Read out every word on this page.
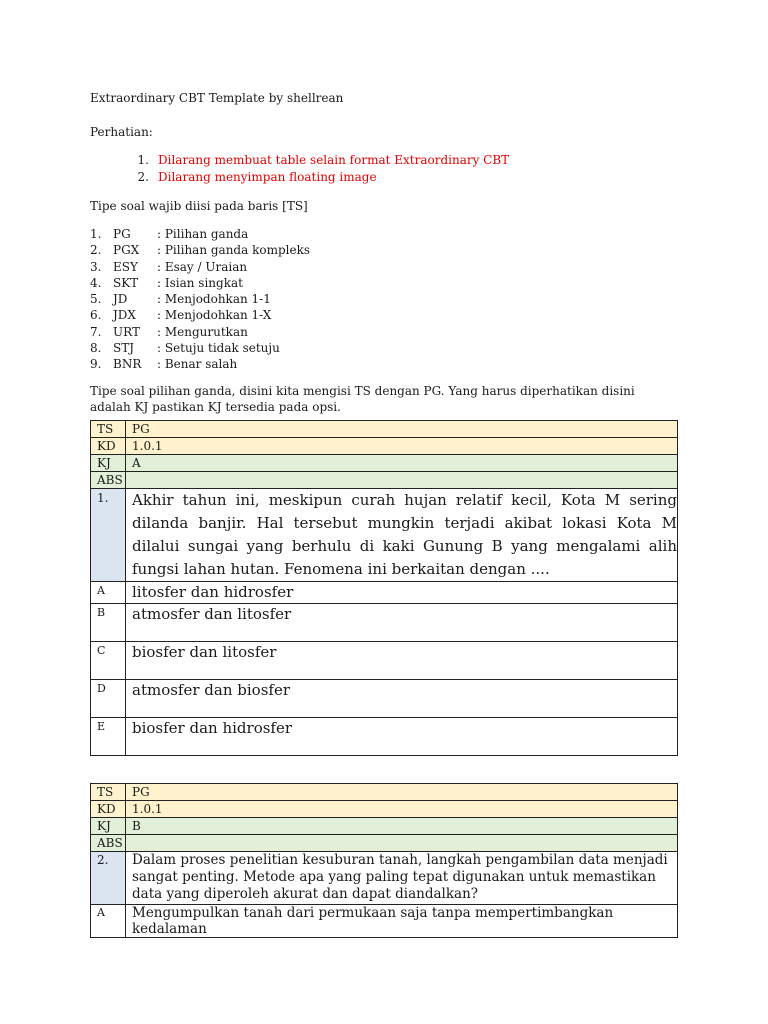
Extraordinary CBT Template by shellrean

Perhatian:

1. Dilarang membuat table selain format Extraordinary CBT
2. Dilarang menyimpan floating image

Tipe soal wajib diisi pada baris [TS]

1. PG	: Pilihan ganda
2. PGX	: Pilihan ganda kompleks
3. ESY	: Esay / Uraian
4. SKT	: Isian singkat
5. JD	: Menjodohkan 1-1
6. JDX	: Menjodohkan 1-X
7. URT	: Mengurutkan
8. STJ	: Setuju tidak setuju
9. BNR	: Benar salah

Tipe soal pilihan ganda, disini kita mengisi TS dengan PG. Yang harus diperhatikan disini adalah KJ pastikan KJ tersedia pada opsi.

TS	PG
KD	1.0.1
KJ	A
ABS	
1.	Akhir tahun ini, meskipun curah hujan relatif kecil, Kota M sering dilanda banjir. Hal tersebut mungkin terjadi akibat lokasi Kota M dilalui sungai yang berhulu di kaki Gunung B yang mengalami alih fungsi lahan hutan. Fenomena ini berkaitan dengan ....
A	litosfer dan hidrosfer
B	atmosfer dan litosfer
C	biosfer dan litosfer
D	atmosfer dan biosfer
E	biosfer dan hidrosfer
TS	PG
KD	1.0.1
KJ	B
ABS	
2.	Dalam proses penelitian kesuburan tanah, langkah pengambilan data menjadi sangat penting. Metode apa yang paling tepat digunakan untuk memastikan data yang diperoleh akurat dan dapat diandalkan?
A	Mengumpulkan tanah dari permukaan saja tanpa mempertimbangkan kedalaman
